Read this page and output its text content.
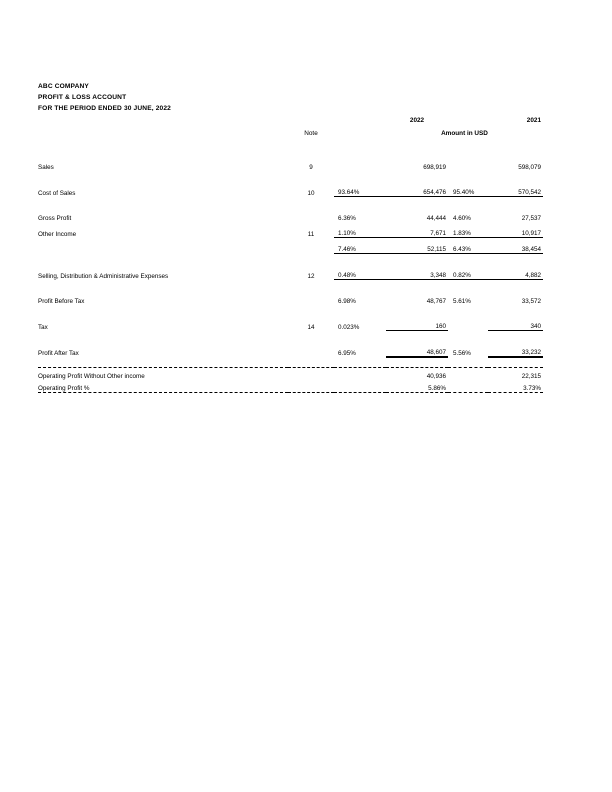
ABC COMPANY
PROFIT & LOSS ACCOUNT
FOR THE PERIOD ENDED 30 JUNE, 2022
			2022		2021
	Note		Amount in USD		

Sales	9		698,919		598,079
Cost of Sales	10	93.64%	654,476	95.40%	570,542
Gross Profit		6.36%	44,444	4.60%	27,537
Other Income	11	1.10%	7,671	1.83%	10,917
		7.46%	52,115	6.43%	38,454
Selling, Distribution & Administrative Expenses	12	0.48%	3,348	0.82%	4,882
Profit Before Tax		6.98%	48,767	5.61%	33,572
Tax	14	0.023%	160		340
Profit After Tax		6.95%	48,607	5.56%	33,232

Operating Profit Without Other income			40,936		22,315
Operating Profit %			5.86%		3.73%
